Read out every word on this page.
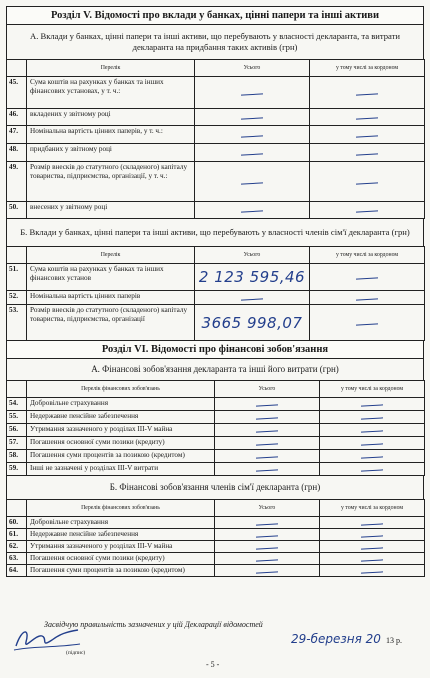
Розділ V. Відомості про вклади у банках, цінні папери та інші активи
А. Вклади у банках, цінні папери та інші активи, що перебувають у власності декларанта, та витрати декларанта на придбання таких активів (грн)
	Перелік	Усього	у тому числі за кордоном
45.	Сума коштів на рахунках у банках та інших фінансових установах, у т. ч.:		
46.	вкладених у звітному році		
47.	Номінальна вартість цінних паперів, у т. ч.:		
48.	придбаних у звітному році		
49.	Розмір внесків до статутного (складеного) капіталу товариства, підприємства, організації, у т. ч.:		
50.	внесених у звітному році		
Б. Вклади у банках, цінні папери та інші активи, що перебувають у власності членів сім'ї декларанта (грн)
	Перелік	Усього	у тому числі за кордоном
51.	Сума коштів на рахунках у банках та інших фінансових установ	2 123 595,46	
52.	Номінальна вартість цінних паперів		
53.	Розмір внесків до статутного (складеного) капіталу товариства, підприємства, організації	3665 998,07	
Розділ VI. Відомості про фінансові зобов'язання
А. Фінансові зобов'язання декларанта та інші його витрати (грн)
	Перелік фінансових зобов'язань	Усього	у тому числі за кордоном
54.	Добровільне страхування		
55.	Недержавне пенсійне забезпечення		
56.	Утримання зазначеного у розділах III-V майна		
57.	Погашення основної суми позики (кредиту)		
58.	Погашення суми процентів за позикою (кредитом)		
59.	Інші не зазначені у розділах III-V витрати		
Б. Фінансові зобов'язання членів сім'ї декларанта (грн)
	Перелік фінансових зобов'язань	Усього	у тому числі за кордоном
60.	Добровільне страхування		
61.	Недержавне пенсійне забезпечення		
62.	Утримання зазначеного у розділах III-V майна		
63.	Погашення основної суми позики (кредиту)		
64.	Погашення суми процентів за позикою (кредитом)		
Засвідчую правильність зазначених у цій Декларації відомостей
(підпис)
29-березня 20 13 р.
- 5 -
